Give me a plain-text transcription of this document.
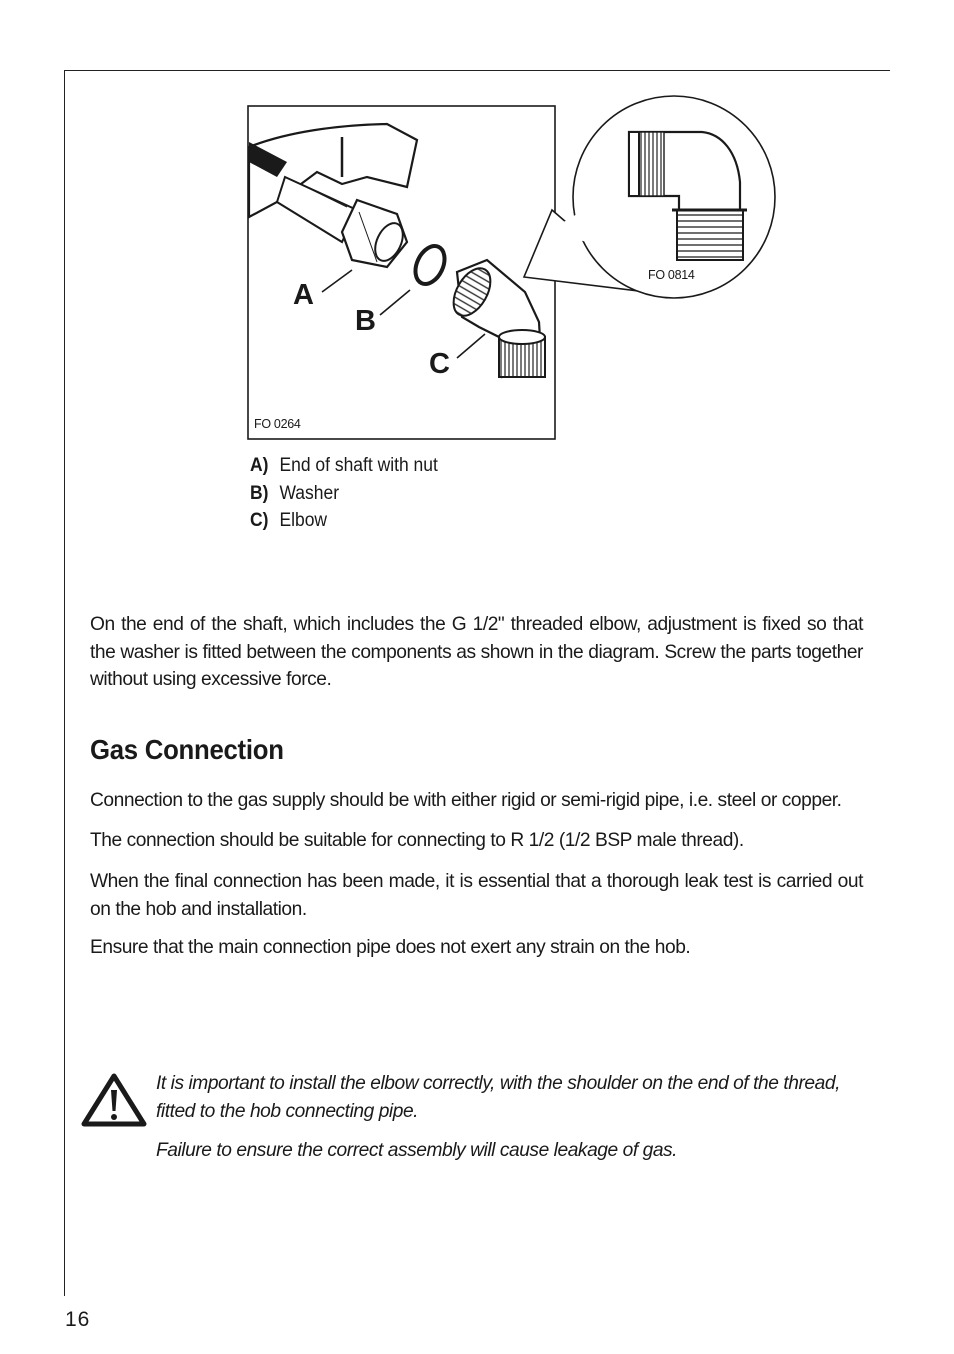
A
B
C
FO 0264
FO 0814
A) End of shaft with nut
B) Washer
C) Elbow

On the end of the shaft, which includes the G 1/2" threaded elbow, adjustment is fixed so that the washer is fitted between the components as shown in the diagram. Screw the parts together without using excessive force.

Gas Connection

Connection to the gas supply should be with either rigid or semi-rigid pipe, i.e. steel or copper.

The connection should be suitable for connecting to R 1/2 (1/2 BSP male thread).

When the final connection has been made, it is essential that a thorough leak test is carried out on the hob and installation.

Ensure that the main connection pipe does not exert any strain on the hob.

It is important to install the elbow correctly, with the shoulder on the end of the thread, fitted to the hob connecting pipe.

Failure to ensure the correct assembly will cause leakage of gas.

16
